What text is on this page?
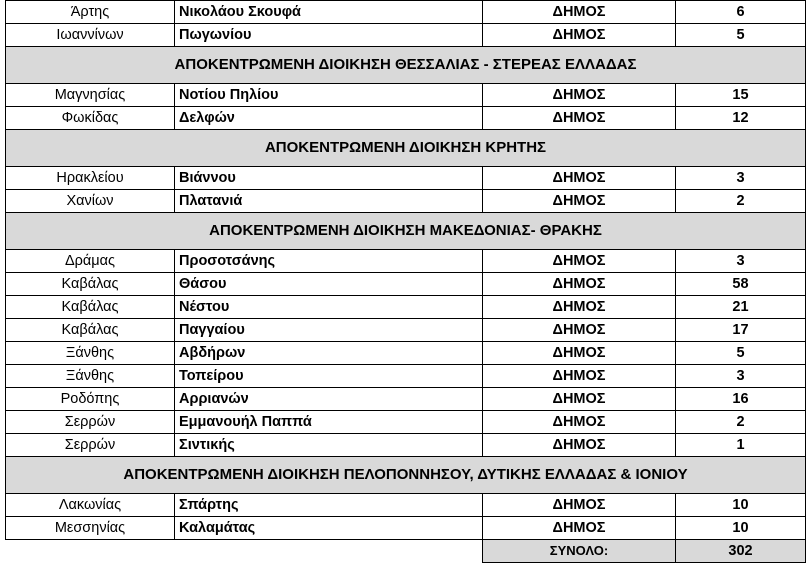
Άρτης	Νικολάου Σκουφά	ΔΗΜΟΣ	6
Ιωαννίνων	Πωγωνίου	ΔΗΜΟΣ	5
ΑΠΟΚΕΝΤΡΩΜΕΝΗ ΔΙΟΙΚΗΣΗ ΘΕΣΣΑΛΙΑΣ - ΣΤΕΡΕΑΣ ΕΛΛΑΔΑΣ			
Μαγνησίας	Νοτίου Πηλίου	ΔΗΜΟΣ	15
Φωκίδας	Δελφών	ΔΗΜΟΣ	12
ΑΠΟΚΕΝΤΡΩΜΕΝΗ ΔΙΟΙΚΗΣΗ ΚΡΗΤΗΣ			
Ηρακλείου	Βιάννου	ΔΗΜΟΣ	3
Χανίων	Πλατανιά	ΔΗΜΟΣ	2
ΑΠΟΚΕΝΤΡΩΜΕΝΗ ΔΙΟΙΚΗΣΗ ΜΑΚΕΔΟΝΙΑΣ- ΘΡΑΚΗΣ			
Δράμας	Προσοτσάνης	ΔΗΜΟΣ	3
Καβάλας	Θάσου	ΔΗΜΟΣ	58
Καβάλας	Νέστου	ΔΗΜΟΣ	21
Καβάλας	Παγγαίου	ΔΗΜΟΣ	17
Ξάνθης	Αβδήρων	ΔΗΜΟΣ	5
Ξάνθης	Τοπείρου	ΔΗΜΟΣ	3
Ροδόπης	Αρριανών	ΔΗΜΟΣ	16
Σερρών	Εμμανουήλ Παππά	ΔΗΜΟΣ	2
Σερρών	Σιντικής	ΔΗΜΟΣ	1
ΑΠΟΚΕΝΤΡΩΜΕΝΗ ΔΙΟΙΚΗΣΗ ΠΕΛΟΠΟΝΝΗΣΟΥ, ΔΥΤΙΚΗΣ ΕΛΛΑΔΑΣ & ΙΟΝΙΟΥ			
Λακωνίας	Σπάρτης	ΔΗΜΟΣ	10
Μεσσηνίας	Καλαμάτας	ΔΗΜΟΣ	10
		ΣΥΝΟΛΟ:	302
